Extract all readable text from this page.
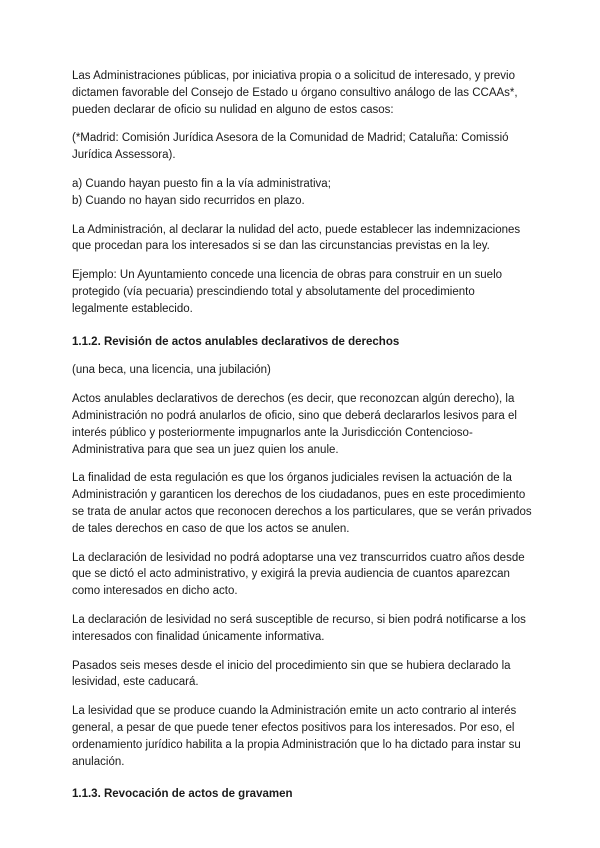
Las Administraciones públicas, por iniciativa propia o a solicitud de interesado, y previo dictamen favorable del Consejo de Estado u órgano consultivo análogo de las CCAAs*, pueden declarar de oficio su nulidad en alguno de estos casos:

(*Madrid: Comisión Jurídica Asesora de la Comunidad de Madrid; Cataluña: Comissió Jurídica Assessora).

a) Cuando hayan puesto fin a la vía administrativa;
b) Cuando no hayan sido recurridos en plazo.

La Administración, al declarar la nulidad del acto, puede establecer las indemnizaciones que procedan para los interesados si se dan las circunstancias previstas en la ley.

Ejemplo: Un Ayuntamiento concede una licencia de obras para construir en un suelo protegido (vía pecuaria) prescindiendo total y absolutamente del procedimiento legalmente establecido.

1.1.2. Revisión de actos anulables declarativos de derechos

(una beca, una licencia, una jubilación)

Actos anulables declarativos de derechos (es decir, que reconozcan algún derecho), la Administración no podrá anularlos de oficio, sino que deberá declararlos lesivos para el interés público y posteriormente impugnarlos ante la Jurisdicción Contencioso-Administrativa para que sea un juez quien los anule.

La finalidad de esta regulación es que los órganos judiciales revisen la actuación de la Administración y garanticen los derechos de los ciudadanos, pues en este procedimiento se trata de anular actos que reconocen derechos a los particulares, que se verán privados de tales derechos en caso de que los actos se anulen.

La declaración de lesividad no podrá adoptarse una vez transcurridos cuatro años desde que se dictó el acto administrativo, y exigirá la previa audiencia de cuantos aparezcan como interesados en dicho acto.

La declaración de lesividad no será susceptible de recurso, si bien podrá notificarse a los interesados con finalidad únicamente informativa.

Pasados seis meses desde el inicio del procedimiento sin que se hubiera declarado la lesividad, este caducará.

La lesividad que se produce cuando la Administración emite un acto contrario al interés general, a pesar de que puede tener efectos positivos para los interesados. Por eso, el ordenamiento jurídico habilita a la propia Administración que lo ha dictado para instar su anulación.

1.1.3. Revocación de actos de gravamen
